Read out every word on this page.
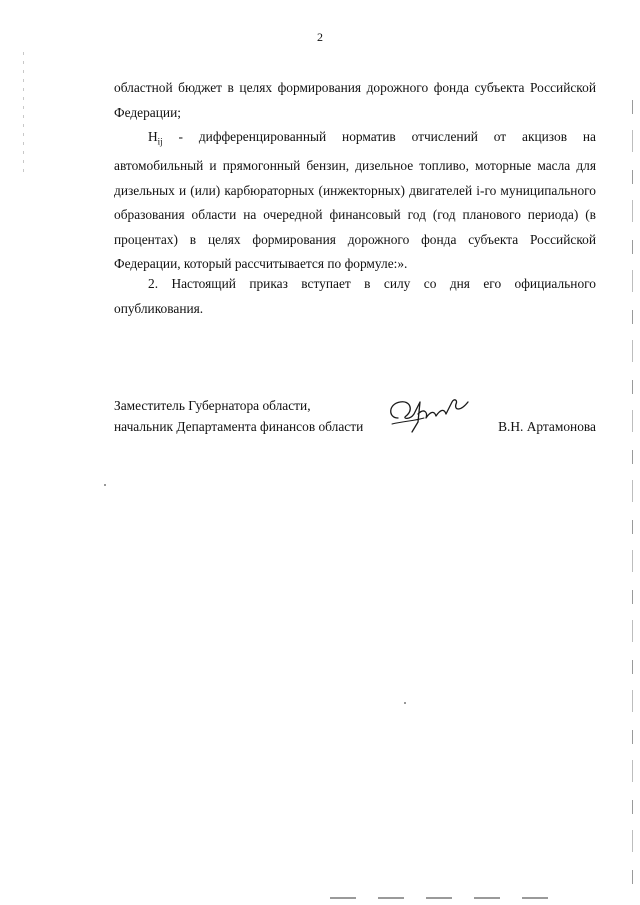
2

областной бюджет в целях формирования дорожного фонда субъекта Российской Федерации;

$Н_{ij}$ - дифференцированный норматив отчислений от акцизов на автомобильный и прямогонный бензин, дизельное топливо, моторные масла для дизельных и (или) карбюраторных (инжекторных) двигателей i-го муниципального образования области на очередной финансовый год (год планового периода) (в процентах) в целях формирования дорожного фонда субъекта Российской Федерации, который рассчитывается по формуле:».

2. Настоящий приказ вступает в силу со дня его официального опубликования.

Заместитель Губернатора области,
начальник Департамента финансов области	В.Н. Артамонова
